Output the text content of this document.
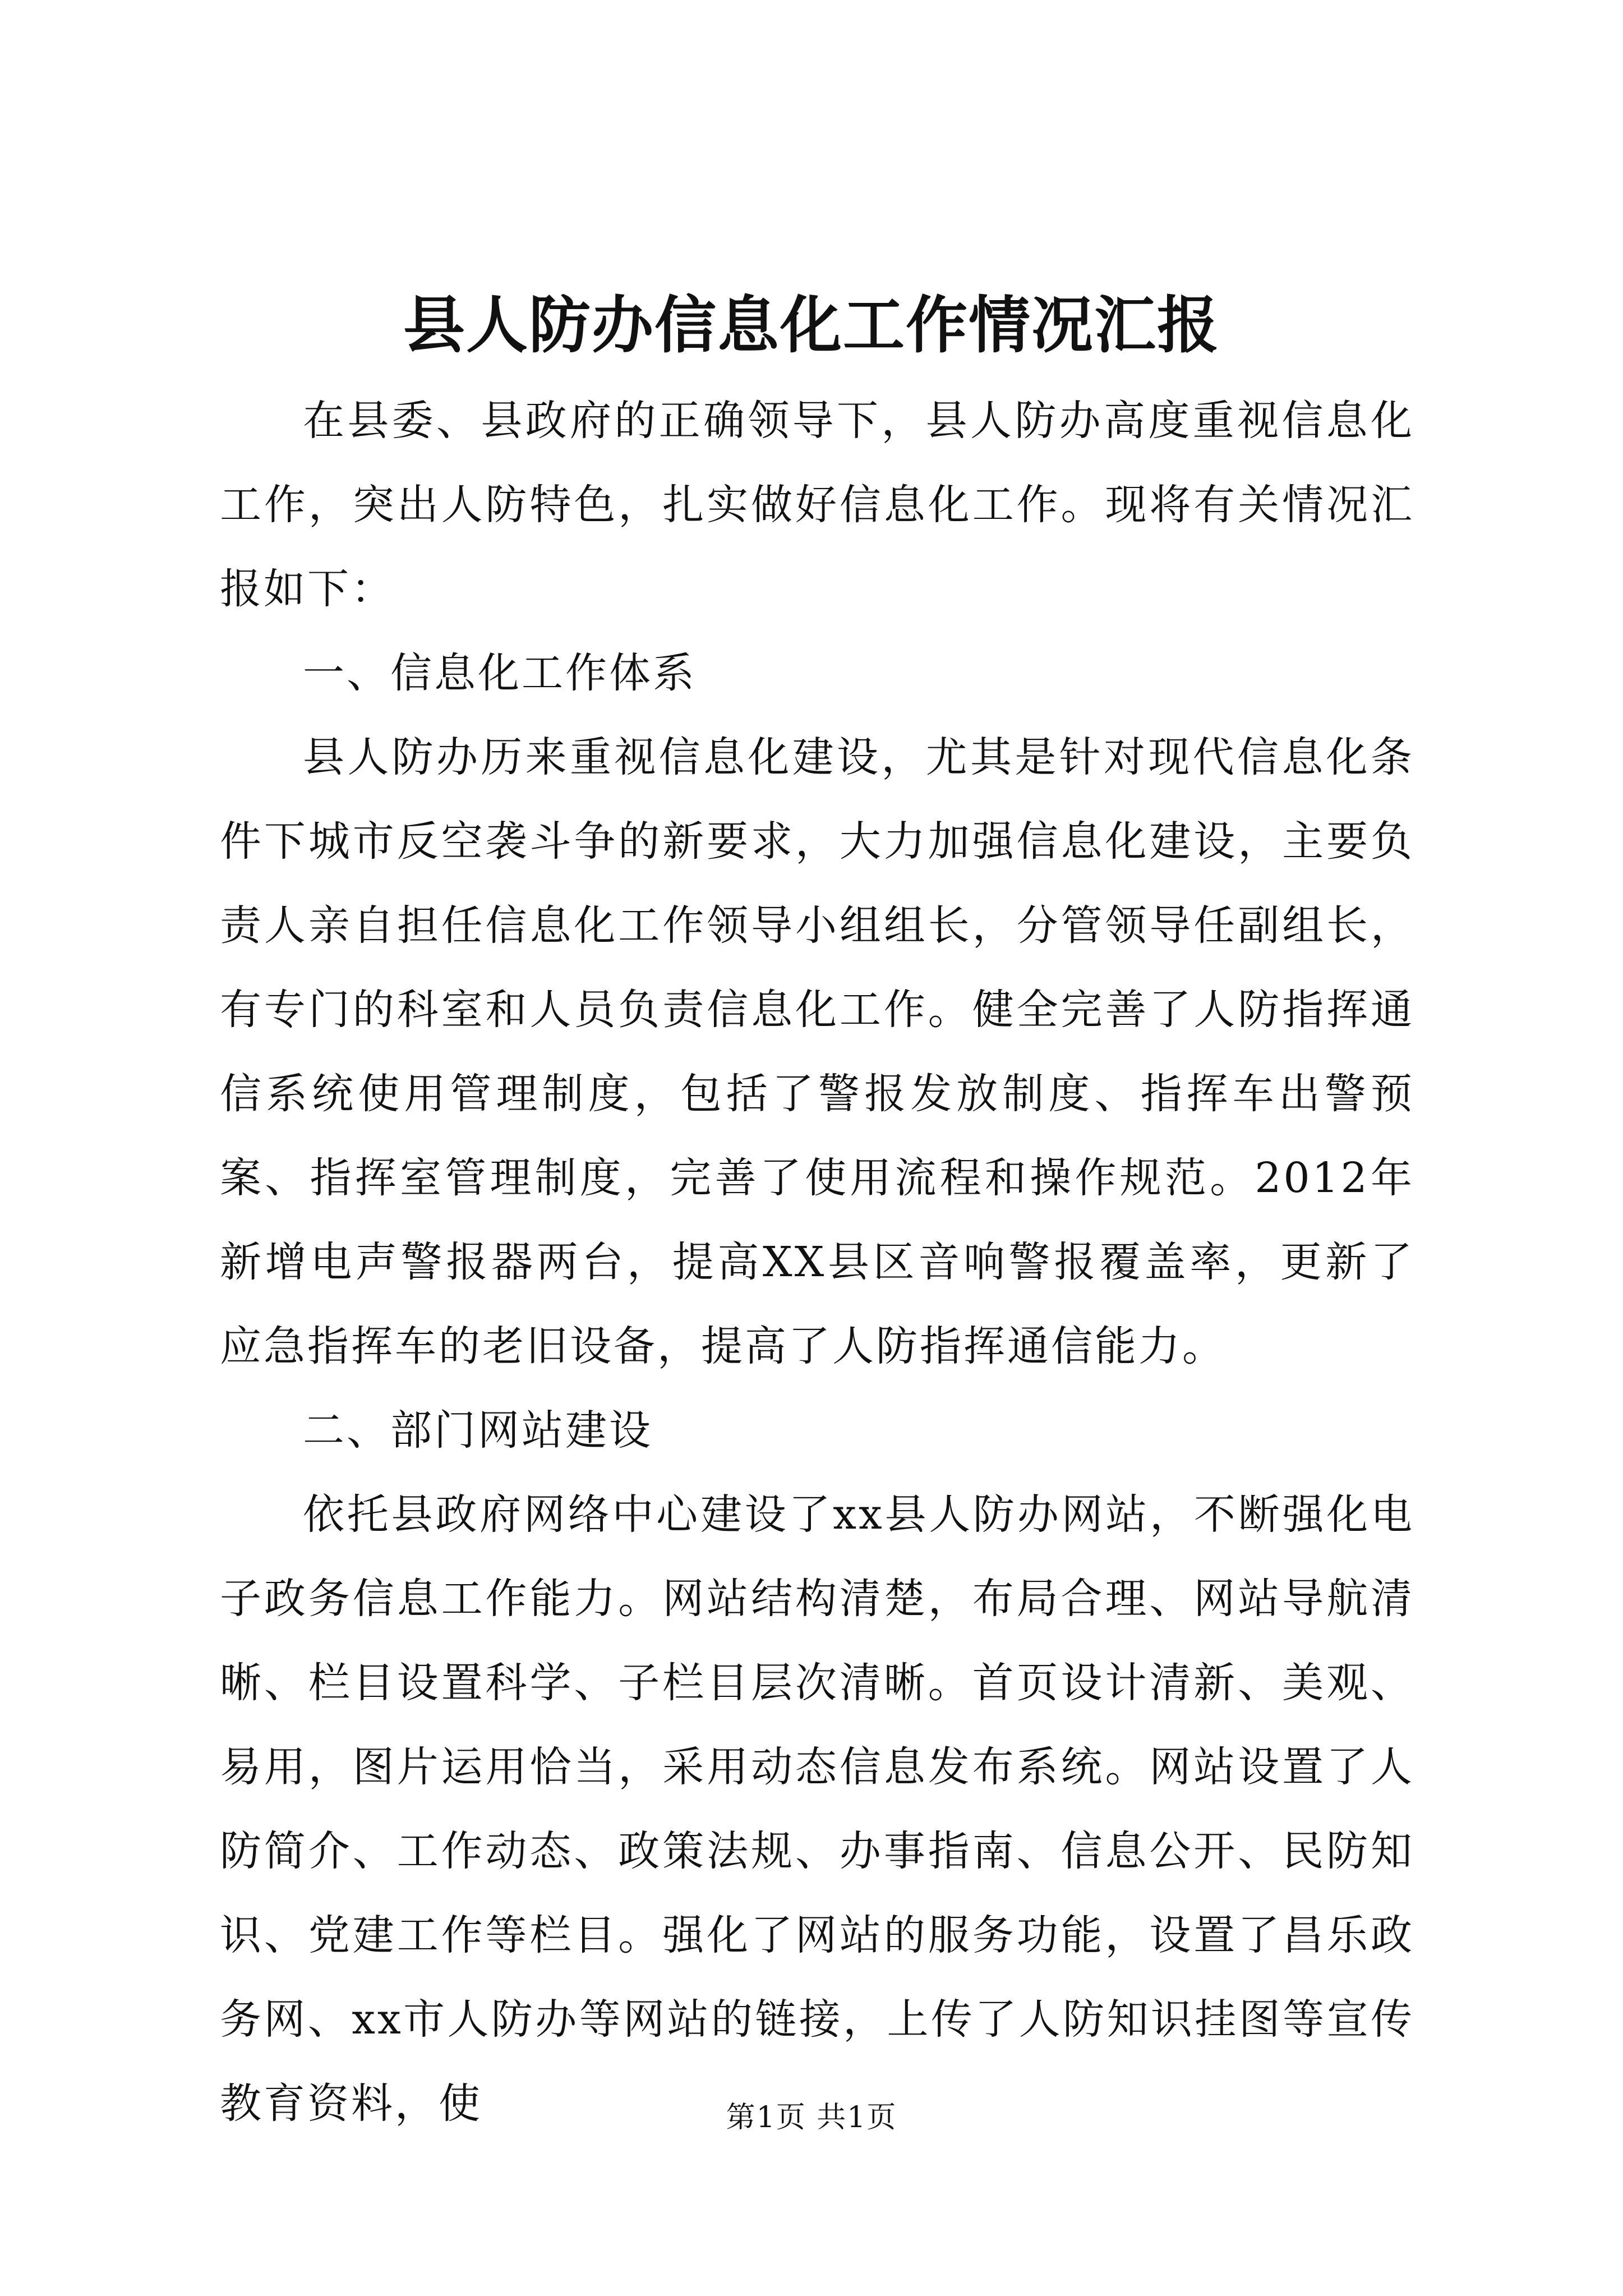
县人防办信息化工作情况汇报

在县委、县政府的正确领导下，县人防办高度重视信息化工作，突出人防特色，扎实做好信息化工作。现将有关情况汇报如下：

一、信息化工作体系

县人防办历来重视信息化建设，尤其是针对现代信息化条件下城市反空袭斗争的新要求，大力加强信息化建设，主要负责人亲自担任信息化工作领导小组组长，分管领导任副组长，有专门的科室和人员负责信息化工作。健全完善了人防指挥通信系统使用管理制度，包括了警报发放制度、指挥车出警预案、指挥室管理制度，完善了使用流程和操作规范。2012年新增电声警报器两台，提高XX县区音响警报覆盖率，更新了应急指挥车的老旧设备，提高了人防指挥通信能力。

二、部门网站建设

依托县政府网络中心建设了xx县人防办网站，不断强化电子政务信息工作能力。网站结构清楚，布局合理、网站导航清晰、栏目设置科学、子栏目层次清晰。首页设计清新、美观、易用，图片运用恰当，采用动态信息发布系统。网站设置了人防简介、工作动态、政策法规、办事指南、信息公开、民防知识、党建工作等栏目。强化了网站的服务功能，设置了昌乐政务网、xx市人防办等网站的链接，上传了人防知识挂图等宣传教育资料，使	第1页 共1页
